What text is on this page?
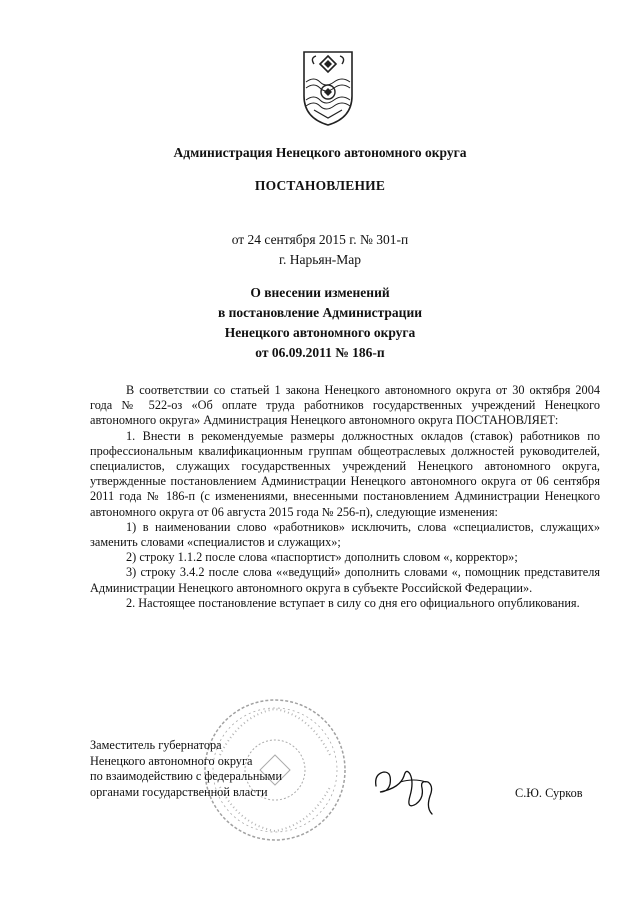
Администрация Ненецкого автономного округа
ПОСТАНОВЛЕНИЕ
от 24 сентября 2015 г. № 301-п
г. Нарьян-Мар
О внесении изменений
в постановление Администрации
Ненецкого автономного округа
от 06.09.2011 № 186-п

В соответствии со статьей 1 закона Ненецкого автономного округа от 30 октября 2004 года № 522-оз «Об оплате труда работников государственных учреждений Ненецкого автономного округа» Администрация Ненецкого автономного округа ПОСТАНОВЛЯЕТ:

1. Внести в рекомендуемые размеры должностных окладов (ставок) работников по профессиональным квалификационным группам общеотраслевых должностей руководителей, специалистов, служащих государственных учреждений Ненецкого автономного округа, утвержденные постановлением Администрации Ненецкого автономного округа от 06 сентября 2011 года № 186-п (с изменениями, внесенными постановлением Администрации Ненецкого автономного округа от 06 августа 2015 года № 256-п), следующие изменения:

1) в наименовании слово «работников» исключить, слова «специалистов, служащих» заменить словами «специалистов и служащих»;

2) строку 1.1.2 после слова «паспортист» дополнить словом «, корректор»;

3) строку 3.4.2 после слова ««ведущий» дополнить словами «, помощник представителя Администрации Ненецкого автономного округа в субъекте Российской Федерации».

2. Настоящее постановление вступает в силу со дня его официального опубликования.

Заместитель губернатора
Ненецкого автономного округа
по взаимодействию с федеральными
органами государственной власти	С.Ю. Сурков
